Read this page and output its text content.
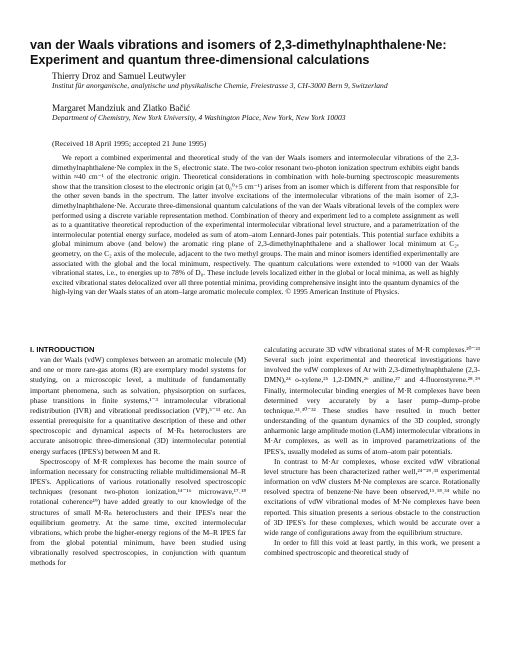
van der Waals vibrations and isomers of 2,3-dimethylnaphthalene·Ne: Experiment and quantum three-dimensional calculations
Thierry Droz and Samuel Leutwyler
Institut für anorganische, analytische und physikalische Chemie, Freiestrasse 3, CH-3000 Bern 9, Switzerland
Margaret Mandziuk and Zlatko Bačić
Department of Chemistry, New York University, 4 Washington Place, New York, New York 10003
(Received 18 April 1995; accepted 21 June 1995)

We report a combined experimental and theoretical study of the van der Waals isomers and intermolecular vibrations of the 2,3-dimethylnaphthalene·Ne complex in the S₁ electronic state. The two-color resonant two-photon ionization spectrum exhibits eight bands within ≈40 cm⁻¹ of the electronic origin. Theoretical considerations in combination with hole-burning spectroscopic measurements show that the transition closest to the electronic origin (at 0₀⁰+5 cm⁻¹) arises from an isomer which is different from that responsible for the other seven bands in the spectrum. The latter involve excitations of the intermolecular vibrations of the main isomer of 2,3-dimethylnaphthalene·Ne. Accurate three-dimensional quantum calculations of the van der Waals vibrational levels of the complex were performed using a discrete variable representation method. Combination of theory and experiment led to a complete assignment as well as to a quantitative theoretical reproduction of the experimental intermolecular vibrational level structure, and a parametrization of the intermolecular potential energy surface, modeled as sum of atom–atom Lennard-Jones pair potentials. This potential surface exhibits a global minimum above (and below) the aromatic ring plane of 2,3-dimethylnaphthalene and a shallower local minimum at C₂ᵥ geometry, on the C₂ axis of the molecule, adjacent to the two methyl groups. The main and minor isomers identified experimentally are associated with the global and the local minimum, respectively. The quantum calculations were extended to ≈1000 van der Waals vibrational states, i.e., to energies up to 78% of D₀. These include levels localized either in the global or local minima, as well as highly excited vibrational states delocalized over all three potential minima, providing comprehensive insight into the quantum dynamics of the high-lying van der Waals states of an atom–large aromatic molecule complex. © 1995 American Institute of Physics.

I. INTRODUCTION

van der Waals (vdW) complexes between an aromatic molecule (M) and one or more rare-gas atoms (R) are exemplary model systems for studying, on a microscopic level, a multitude of fundamentally important phenomena, such as solvation, physisorption on surfaces, phase transitions in finite systems,¹⁻³ intramolecular vibrational redistribution (IVR) and vibrational predissociation (VP),⁵⁻¹³ etc. An essential prerequisite for a quantitative description of these and other spectroscopic and dynamical aspects of M·Rₙ heteroclusters are accurate anisotropic three-dimensional (3D) intermolecular potential energy surfaces (IPES's) between M and R.

Spectroscopy of M·R complexes has become the main source of information necessary for constructing reliable multidimensional M–R IPES's. Applications of various rotationally resolved spectroscopic techniques (resonant two-photon ionization,¹⁴⁻¹⁶ microwave,¹⁷˒¹⁸ rotational coherence¹⁹) have added greatly to our knowledge of the structures of small M·Rₙ heteroclusters and their IPES's near the equilibrium geometry. At the same time, excited intermolecular vibrations, which probe the higher-energy regions of the M–R IPES far from the global potential minimum, have been studied using vibrationally resolved spectroscopies, in conjunction with quantum methods for

calculating accurate 3D vdW vibrational states of M·R complexes.²⁰⁻²³ Several such joint experimental and theoretical investigations have involved the vdW complexes of Ar with 2,3-dimethylnaphthalene (2,3-DMN),²⁴ o-xylene,²⁵ 1,2-DMN,²⁶ aniline,²⁷ and 4-fluorostyrene.²⁸˒²⁹ Finally, intermolecular binding energies of M·R complexes have been determined very accurately by a laser pump–dump–probe technique.¹³˒³⁰⁻³² These studies have resulted in much better understanding of the quantum dynamics of the 3D coupled, strongly anharmonic large amplitude motion (LAM) intermolecular vibrations in M·Ar complexes, as well as in improved parametrizations of the IPES's, usually modeled as sums of atom–atom pair potentials.

In contrast to M·Ar complexes, whose excited vdW vibrational level structure has been characterized rather well,²⁴⁻²⁹˒³³ experimental information on vdW clusters M·Ne complexes are scarce. Rotationally resolved spectra of benzene·Ne have been observed,¹⁵˒¹⁸˒³⁴ while no excitations of vdW vibrational modes of M·Ne complexes have been reported. This situation presents a serious obstacle to the construction of 3D IPES's for these complexes, which would be accurate over a wide range of configurations away from the equilibrium structure.

In order to fill this void at least partly, in this work, we present a combined spectroscopic and theoretical study of
